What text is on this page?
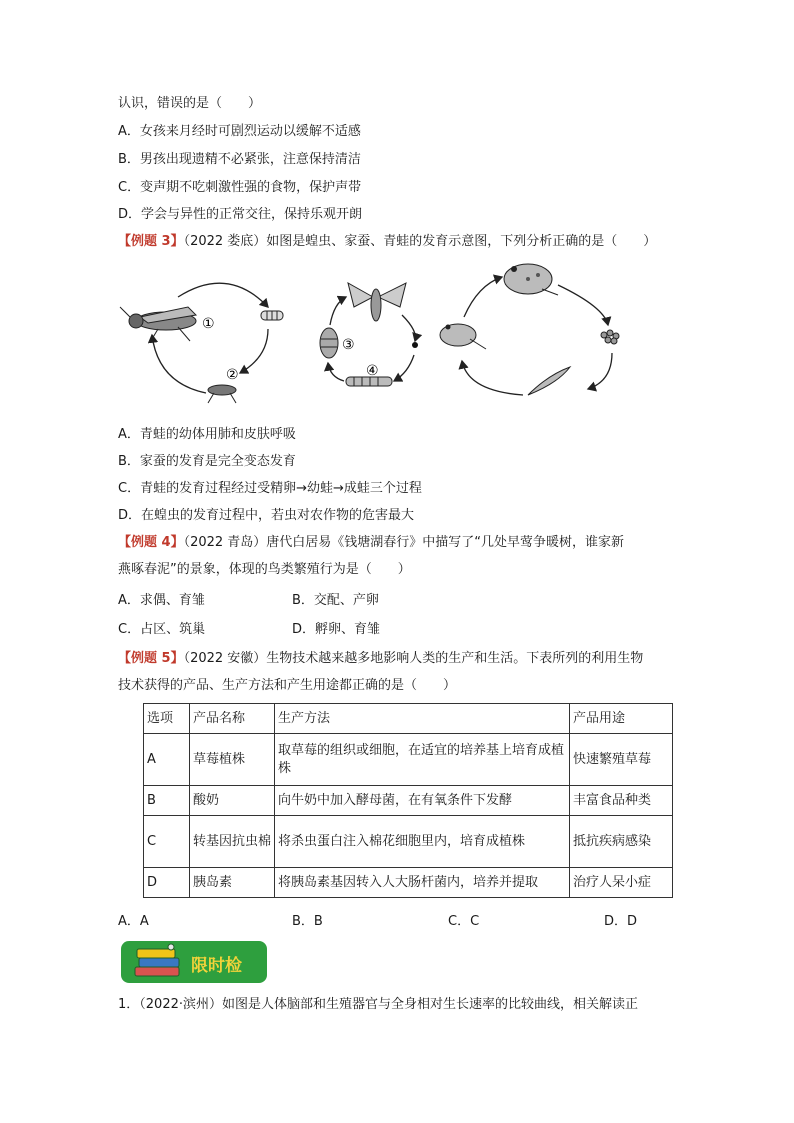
认识，错误的是（　　）
A．女孩来月经时可剧烈运动以缓解不适感
B．男孩出现遗精不必紧张，注意保持清洁
C．变声期不吃刺激性强的食物，保护声带
D．学会与异性的正常交往，保持乐观开朗
【例题 3】（2022 娄底）如图是蝗虫、家蚕、青蛙的发育示意图，下列分析正确的是（　　）
①
②	④
③
A．青蛙的幼体用肺和皮肤呼吸
B．家蚕的发育是完全变态发育
C．青蛙的发育过程经过受精卵→幼蛙→成蛙三个过程
D．在蝗虫的发育过程中，若虫对农作物的危害最大
【例题 4】（2022 青岛）唐代白居易《钱塘湖春行》中描写了“几处早莺争暖树，谁家新
燕啄春泥”的景象，体现的鸟类繁殖行为是（　　）
A．求偶、育雏	B．交配、产卵
C．占区、筑巢	D．孵卵、育雏
【例题 5】（2022 安徽）生物技术越来越多地影响人类的生产和生活。下表所列的利用生物
技术获得的产品、生产方法和产生用途都正确的是（　　）
选项	产品名称	生产方法	产品用途
A	草莓植株	取草莓的组织或细胞，在适宜的培养基上培育成植株	快速繁殖草莓
B	酸奶	向牛奶中加入酵母菌，在有氧条件下发酵	丰富食品种类
C	转基因抗虫棉	将杀虫蛋白注入棉花细胞里内，培育成植株	抵抗疾病感染
D	胰岛素	将胰岛素基因转入人大肠杆菌内，培养并提取	治疗人呆小症
A．A	B．B	C．C	D．D
限时检
1．（2022·滨州）如图是人体脑部和生殖器官与全身相对生长速率的比较曲线，相关解读正
